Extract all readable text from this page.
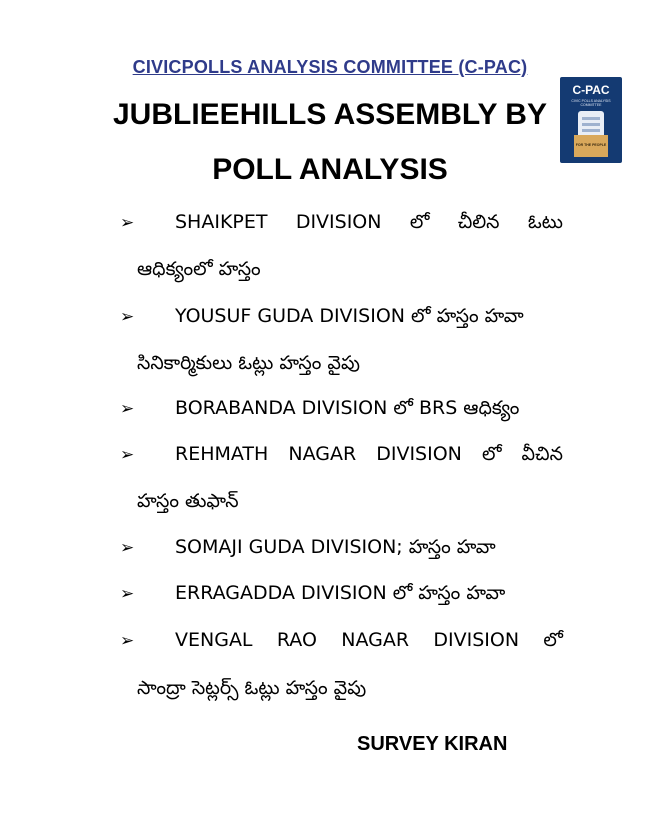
CIVICPOLLS ANALYSIS COMMITTEE (C-PAC)
JUBLIEEHILLS ASSEMBLY BY
POLL ANALYSIS
C-PAC
CIVIC POLLS ANALYSIS COMMITTEE
FOR THE PEOPLE
➢ SHAIKPET DIVISION లో చీలిన ఓటు
ఆధిక్యంలో హస్తం
➢ YOUSUF GUDA DIVISION లో హస్తం హవా
సినికార్మికులు ఓట్లు హస్తం వైపు
➢ BORABANDA DIVISION లో BRS ఆధిక్యం
➢ REHMATH NAGAR DIVISION లో వీచిన
హస్తం తుఫాన్
➢ SOMAJI GUDA DIVISION; హస్తం హవా
➢ ERRAGADDA DIVISION లో హస్తం హవా
➢ VENGAL RAO NAGAR DIVISION లో
సాంద్రా సెట్లర్స్ ఓట్లు హస్తం వైపు
SURVEY KIRAN
